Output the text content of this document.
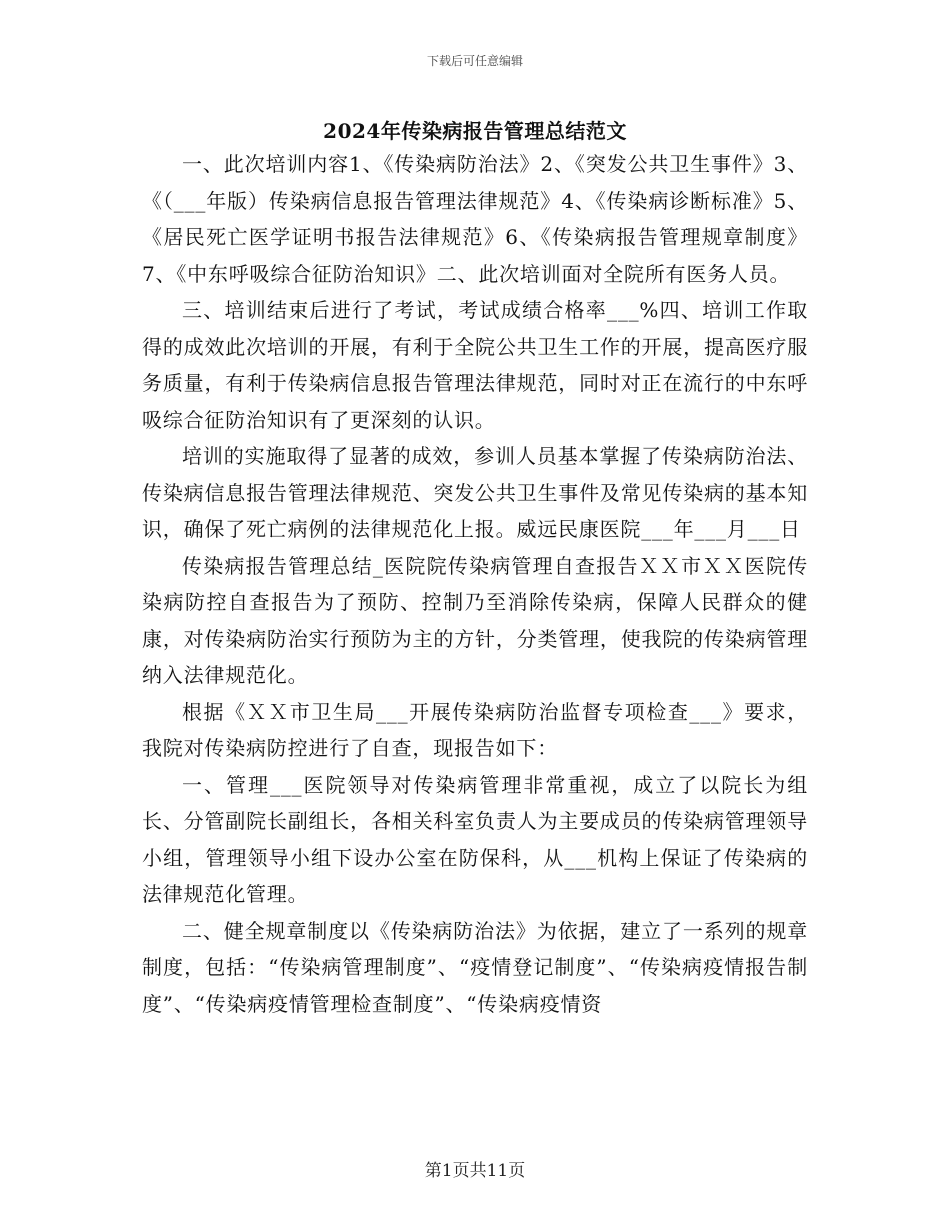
下载后可任意编辑
2024年传染病报告管理总结范文

一、此次培训内容1、《传染病防治法》2、《突发公共卫生事件》3、《（___年版）传染病信息报告管理法律规范》4、《传染病诊断标准》5、《居民死亡医学证明书报告法律规范》6、《传染病报告管理规章制度》7、《中东呼吸综合征防治知识》二、此次培训面对全院所有医务人员。

三、培训结束后进行了考试，考试成绩合格率___%四、培训工作取得的成效此次培训的开展，有利于全院公共卫生工作的开展，提高医疗服务质量，有利于传染病信息报告管理法律规范，同时对正在流行的中东呼吸综合征防治知识有了更深刻的认识。

培训的实施取得了显著的成效，参训人员基本掌握了传染病防治法、传染病信息报告管理法律规范、突发公共卫生事件及常见传染病的基本知识，确保了死亡病例的法律规范化上报。威远民康医院___年___月___日

传染病报告管理总结_医院院传染病管理自查报告ＸＸ市ＸＸ医院传染病防控自查报告为了预防、控制乃至消除传染病，保障人民群众的健康，对传染病防治实行预防为主的方针，分类管理，使我院的传染病管理纳入法律规范化。

根据《ＸＸ市卫生局___开展传染病防治监督专项检查___》要求，我院对传染病防控进行了自查，现报告如下：

一、管理___医院领导对传染病管理非常重视，成立了以院长为组长、分管副院长副组长，各相关科室负责人为主要成员的传染病管理领导小组，管理领导小组下设办公室在防保科，从___机构上保证了传染病的法律规范化管理。

二、健全规章制度以《传染病防治法》为依据，建立了一系列的规章制度，包括：“传染病管理制度”、“疫情登记制度”、“传染病疫情报告制度”、“传染病疫情管理检查制度”、“传染病疫情资

第1页共11页
